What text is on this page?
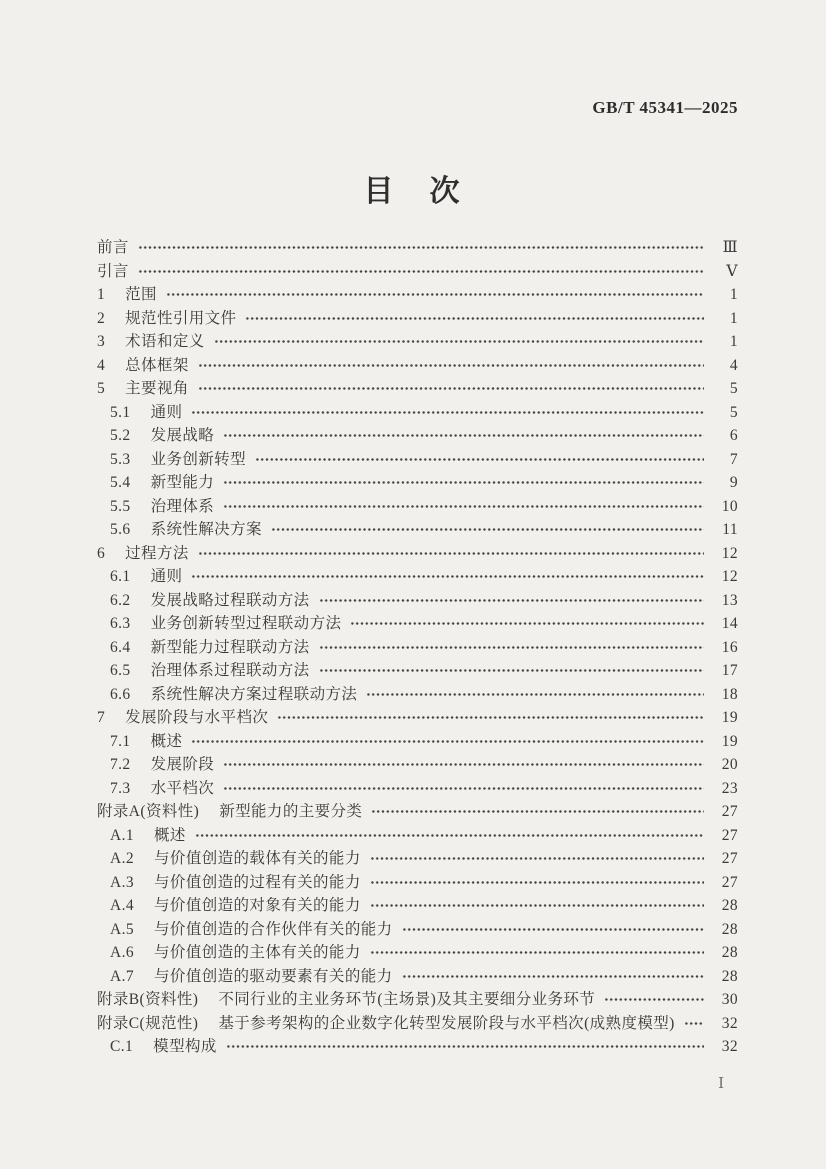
GB/T 45341—2025
目　次
前言	Ⅲ
引言	Ⅴ
1 范围	1
2 规范性引用文件	1
3 术语和定义	1
4 总体框架	4
5 主要视角	5
5.1 通则	5
5.2 发展战略	6
5.3 业务创新转型	7
5.4 新型能力	9
5.5 治理体系	10
5.6 系统性解决方案	11
6 过程方法	12
6.1 通则	12
6.2 发展战略过程联动方法	13
6.3 业务创新转型过程联动方法	14
6.4 新型能力过程联动方法	16
6.5 治理体系过程联动方法	17
6.6 系统性解决方案过程联动方法	18
7 发展阶段与水平档次	19
7.1 概述	19
7.2 发展阶段	20
7.3 水平档次	23
附录A(资料性) 新型能力的主要分类	27
A.1 概述	27
A.2 与价值创造的载体有关的能力	27
A.3 与价值创造的过程有关的能力	27
A.4 与价值创造的对象有关的能力	28
A.5 与价值创造的合作伙伴有关的能力	28
A.6 与价值创造的主体有关的能力	28
A.7 与价值创造的驱动要素有关的能力	28
附录B(资料性) 不同行业的主业务环节(主场景)及其主要细分业务环节	30
附录C(规范性) 基于参考架构的企业数字化转型发展阶段与水平档次(成熟度模型)	32
C.1 模型构成	32
Ⅰ
